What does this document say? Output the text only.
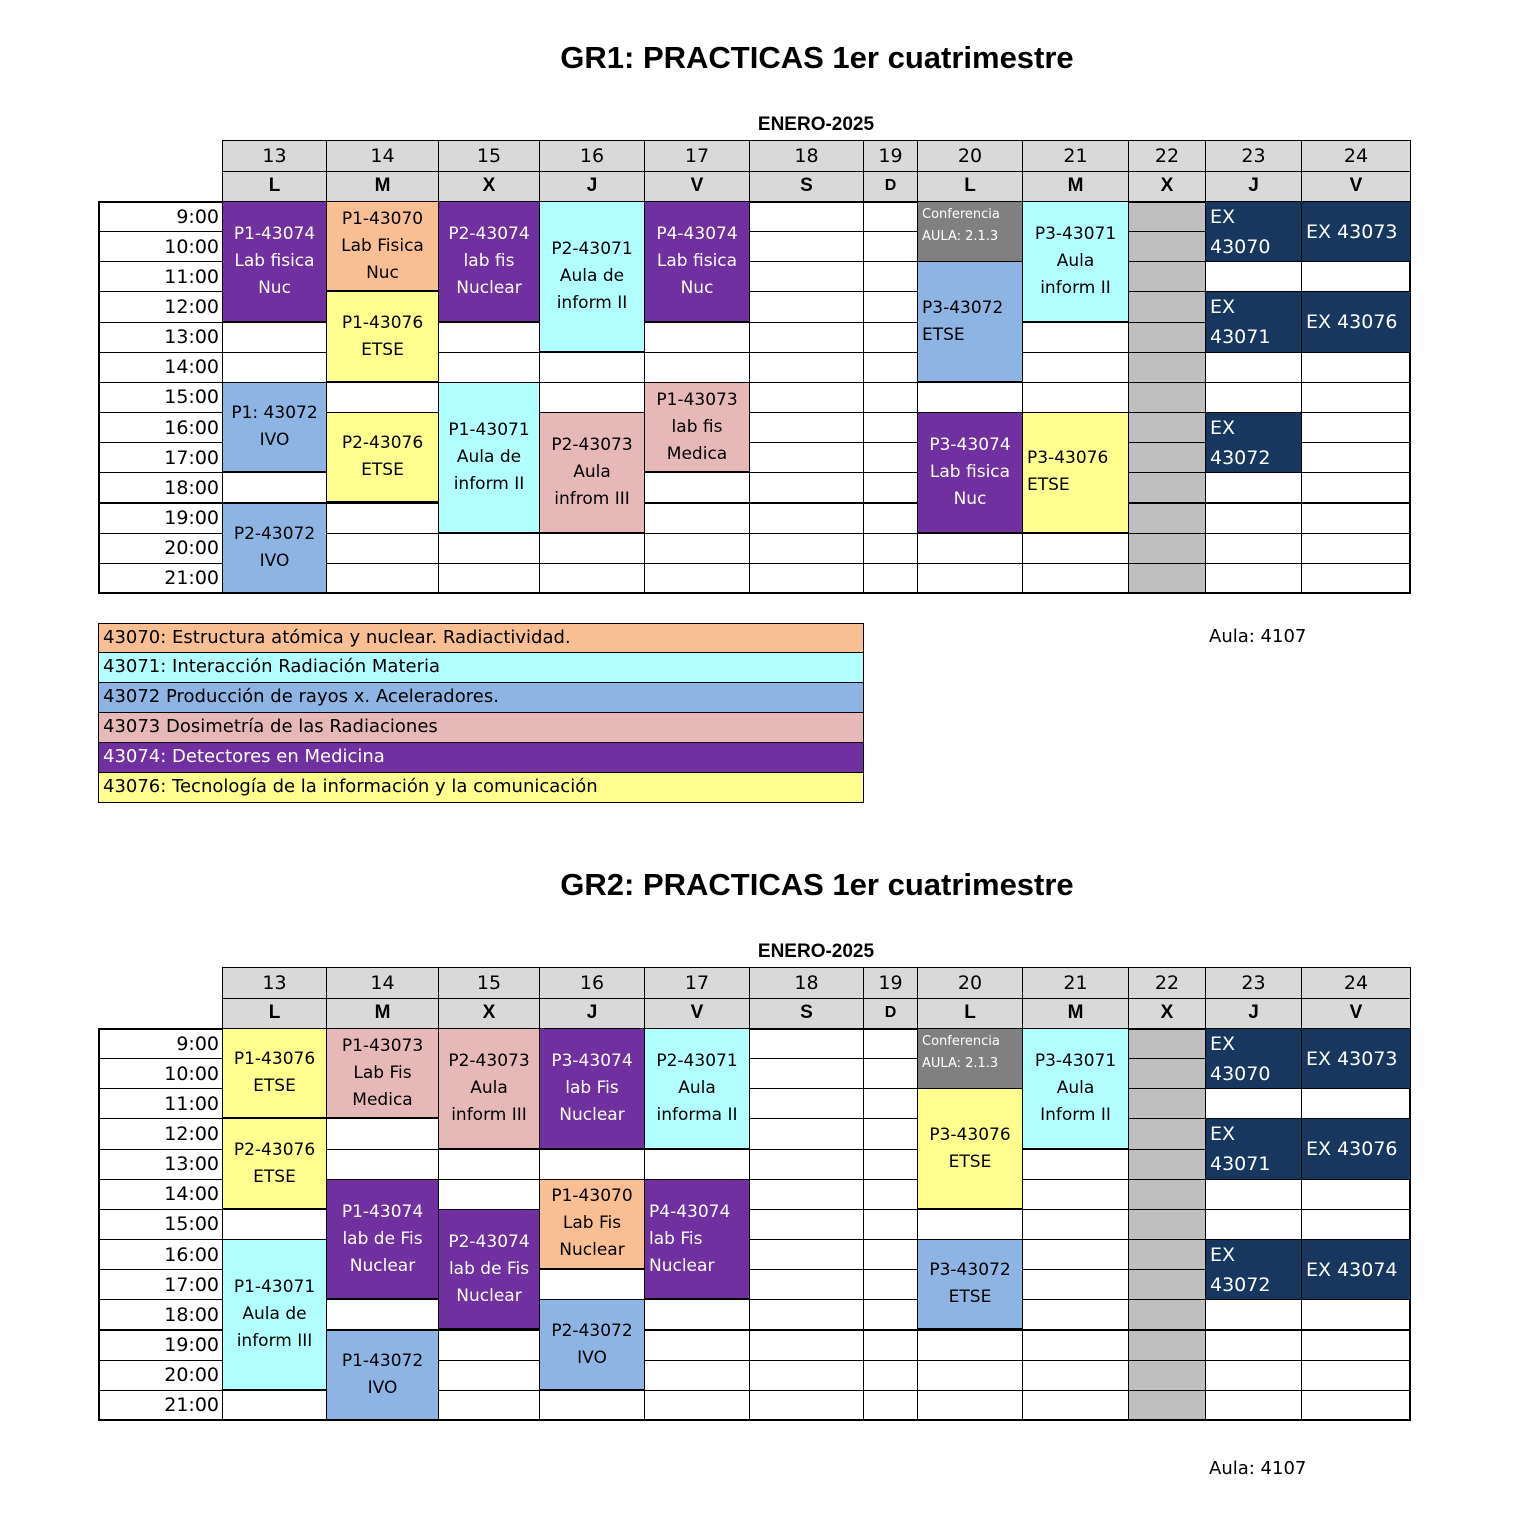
GR1: PRACTICAS 1er cuatrimestre
ENERO-2025
13
L
14
M
15
X
16
J
17
V
18
S
19
D
20
L
21
M
22
X
23
J
24
V
9:00
10:00
11:00
12:00
13:00
14:00
15:00
16:00
17:00
18:00
19:00
20:00
21:00
P1-43074
Lab fisica
Nuc
P1: 43072
IVO
P2-43072
IVO
P1-43070
Lab Fisica
Nuc
P1-43076
ETSE
P2-43076
ETSE
P2-43074
lab fis
Nuclear
P1-43071
Aula de
inform II
P2-43071
Aula de
inform II
P2-43073
Aula
infrom III
P4-43074
Lab fisica
Nuc
P1-43073
lab fis
Medica
Conferencia
AULA: 2.1.3
P3-43072
ETSE
P3-43074
Lab fisica
Nuc
P3-43071
Aula
inform II
P3-43076
ETSE
EX
43070
EX 43071
EX 43072
EX 43073
EX 43076
43070: Estructura atómica y nuclear. Radiactividad.
43071: Interacción Radiación Materia
43072 Producción de rayos x. Aceleradores.
43073 Dosimetría de las Radiaciones
43074: Detectores en Medicina
43076: Tecnología de la información y la comunicación
Aula: 4107
GR2: PRACTICAS 1er cuatrimestre
ENERO-2025
13
L
14
M
15
X
16
J
17
V
18
S
19
D
20
L
21
M
22
X
23
J
24
V
9:00
10:00
11:00
12:00
13:00
14:00
15:00
16:00
17:00
18:00
19:00
20:00
21:00
P1-43076
ETSE
P2-43076
ETSE
P1-43071
Aula de
inform III
P1-43073
Lab Fis
Medica
P1-43074
lab de Fis
Nuclear
P1-43072
IVO
P2-43073
Aula
inform III
P2-43074
lab de Fis
Nuclear
P3-43074
lab Fis
Nuclear
P1-43070
Lab Fis
Nuclear
P2-43072
IVO
P2-43071
Aula
informa II
P4-43074
lab Fis
Nuclear
Conferencia
AULA: 2.1.3
P3-43076
ETSE
P3-43072
ETSE
P3-43071
Aula
Inform II
EX
43070
EX 43071
EX 43072
EX 43073
EX 43076
EX 43074
Aula: 4107
